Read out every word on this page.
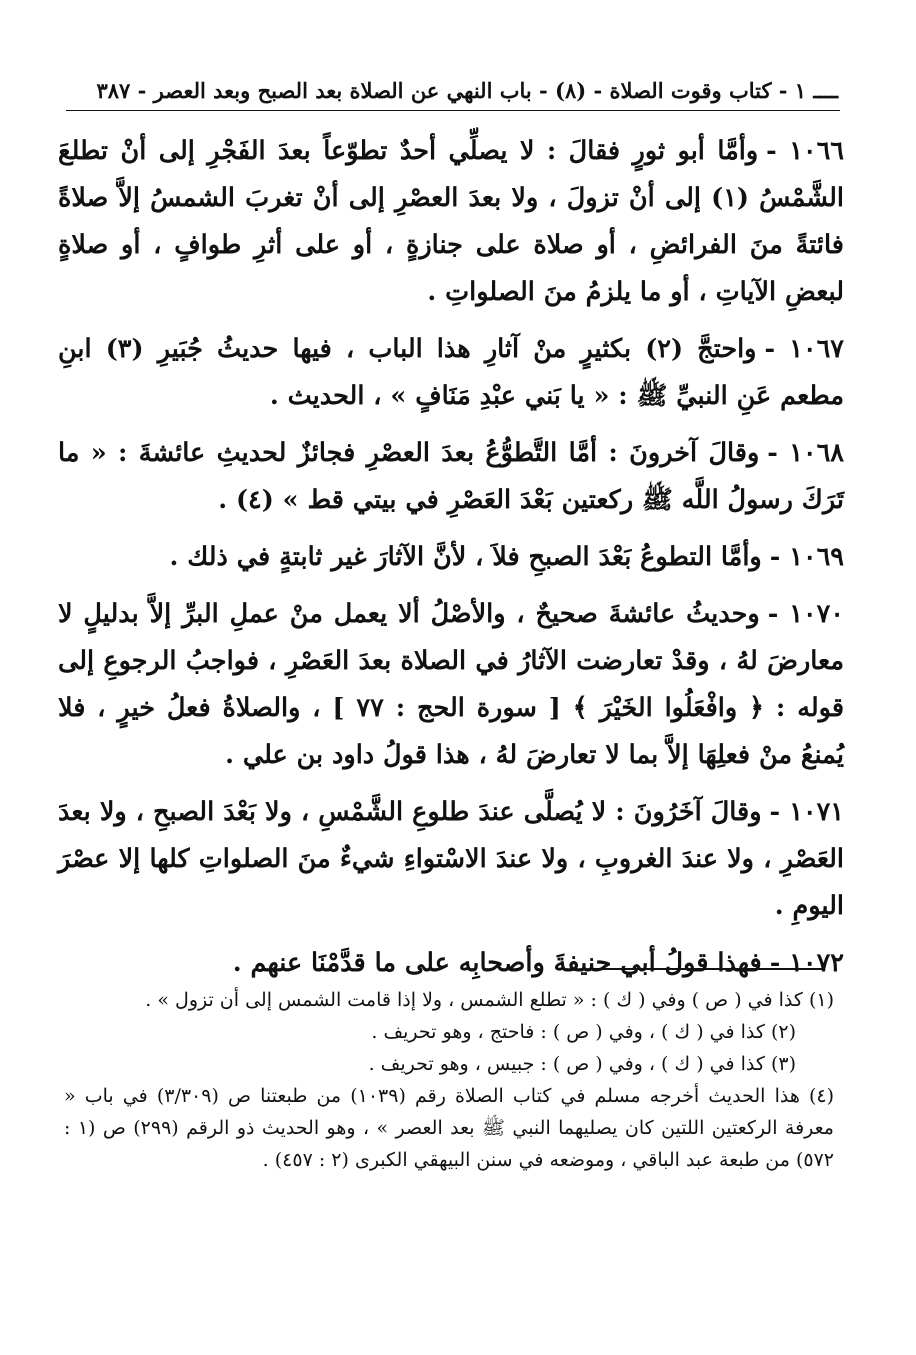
ــــ ١ - كتاب وقوت الصلاة - (٨) - باب النهي عن الصلاة بعد الصبح وبعد العصر - ٣٨٧

١٠٦٦ -وأمَّا أبو ثورٍ فقالَ : لا يصلِّي أحدٌ تطوّعاً بعدَ الفَجْرِ إلى أنْ تطلعَ الشَّمْسُ (١) إلى أنْ تزولَ ، ولا بعدَ العصْرِ إلى أنْ تغربَ الشمسُ إلاَّ صلاةً فائتةً منَ الفرائضِ ، أو صلاة على جنازةٍ ، أو على أثرِ طوافٍ ، أو صلاةٍ لبعضِ الآياتِ ، أو ما يلزمُ منَ الصلواتِ .

١٠٦٧ -واحتجَّ (٢) بكثيرٍ منْ آثارِ هذا الباب ، فيها حديثُ جُبَيرِ (٣) ابنِ مطعم عَنِ النبيِّ ﷺ : « يا بَني عبْدِ مَنَافٍ » ، الحديث .

١٠٦٨ -وقالَ آخرونَ : أمَّا التَّطوُّعُ بعدَ العصْرِ فجائزٌ لحديثِ عائشةَ : « ما تَرَكَ رسولُ اللَّه ﷺ ركعتين بَعْدَ العَصْرِ في بيتي قط » (٤) .

١٠٦٩ -وأمَّا التطوعُ بَعْدَ الصبحِ فلاَ ، لأنَّ الآثارَ غير ثابتةٍ في ذلك .

١٠٧٠ -وحديثُ عائشةَ صحيحٌ ، والأصْلُ ألا يعمل منْ عملِ البرِّ إلاَّ بدليلٍ لا معارضَ لهُ ، وقدْ تعارضت الآثارُ في الصلاة بعدَ العَصْرِ ، فواجبُ الرجوعِ إلى قوله : ﴿ وافْعَلُوا الخَيْرَ ﴾ [ سورة الحج : ٧٧ ] ، والصلاةُ فعلُ خيرٍ ، فلا يُمنعُ منْ فعلِهَا إلاَّ بما لا تعارضَ لهُ ، هذا قولُ داود بن علي .

١٠٧١ -وقالَ آخَرُونَ : لا يُصلَّى عندَ طلوعِ الشَّمْسِ ، ولا بَعْدَ الصبحِ ، ولا بعدَ العَصْرِ ، ولا عندَ الغروبِ ، ولا عندَ الاسْتواءِ شيءٌ منَ الصلواتِ كلها إلا عصْرَ اليومِ .

١٠٧٢ -فهذا قولُ أبي حنيفةَ وأصحابِه على ما قدَّمْنَا عنهم .

(١) كذا في ( ص ) وفي ( ك ) : « تطلع الشمس ، ولا إذا قامت الشمس إلى أن تزول » .

(٢) كذا في ( ك ) ، وفي ( ص ) : فاحتج ، وهو تحريف .

(٣) كذا في ( ك ) ، وفي ( ص ) : جبيس ، وهو تحريف .

(٤) هذا الحديث أخرجه مسلم في كتاب الصلاة رقم (١٠٣٩) من طبعتنا ص (٣/٣٠٩) في باب « معرفة الركعتين اللتين كان يصليهما النبي ﷺ بعد العصر » ، وهو الحديث ذو الرقم (٢٩٩) ص (١ : ٥٧٢) من طبعة عبد الباقي ، وموضعه في سنن البيهقي الكبرى (٢ : ٤٥٧) .
